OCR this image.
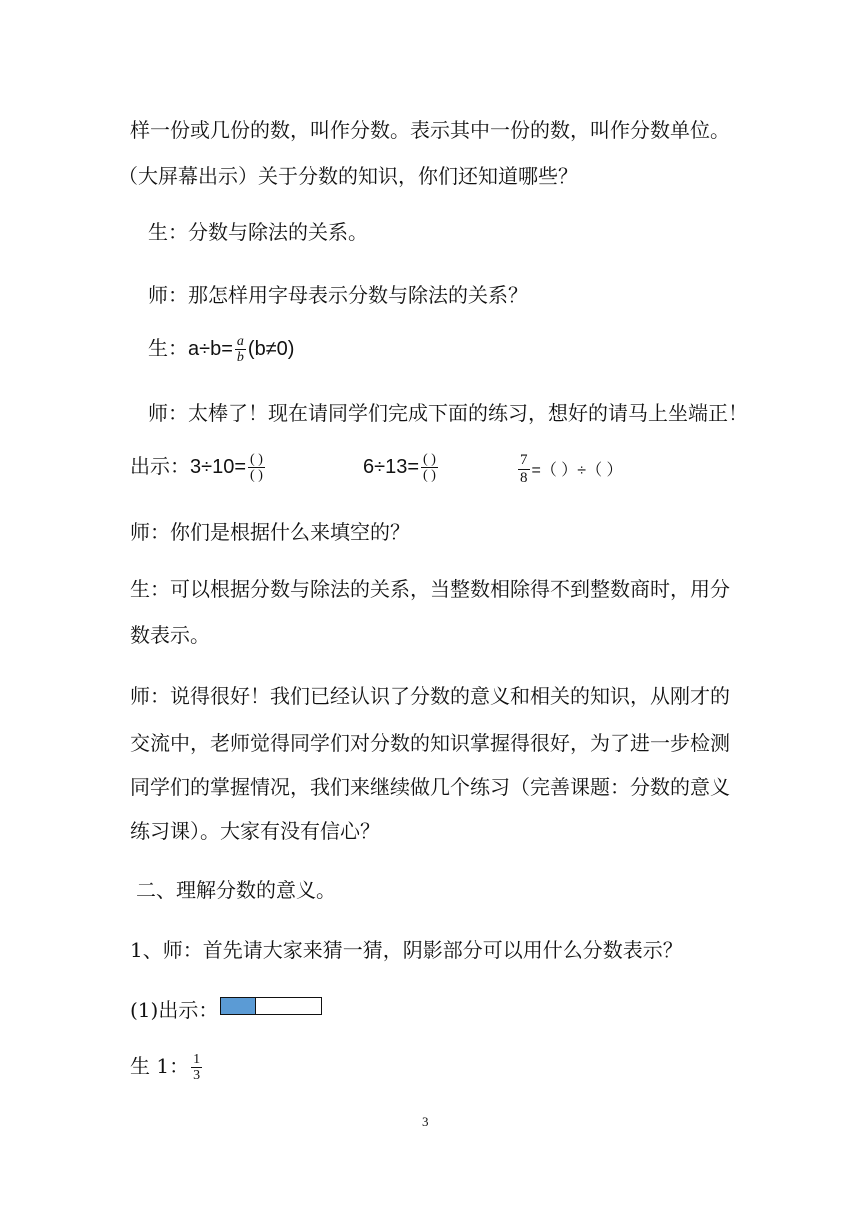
样一份或几份的数，叫作分数。表示其中一份的数，叫作分数单位。
（大屏幕出示）关于分数的知识，你们还知道哪些？
生：分数与除法的关系。
师：那怎样用字母表示分数与除法的关系？
生：$a\div b= \frac{a}{b} (b\ne 0)$
师：太棒了！现在请同学们完成下面的练习，想好的请马上坐端正！
出示：$3\div 10= \frac{( )}{( )}$	$6\div 13= \frac{( )}{( )}$	$\frac{7}{8}$ =（ ）÷（ ）
师：你们是根据什么来填空的？
生：可以根据分数与除法的关系，当整数相除得不到整数商时，用分
数表示。
师：说得很好！我们已经认识了分数的意义和相关的知识，从刚才的
交流中，老师觉得同学们对分数的知识掌握得很好，为了进一步检测
同学们的掌握情况，我们来继续做几个练习（完善课题：分数的意义
练习课）。大家有没有信心？
二、理解分数的意义。
1、师：首先请大家来猜一猜，阴影部分可以用什么分数表示？
(1)出示：
生 1： $\frac{1}{3}$
3
